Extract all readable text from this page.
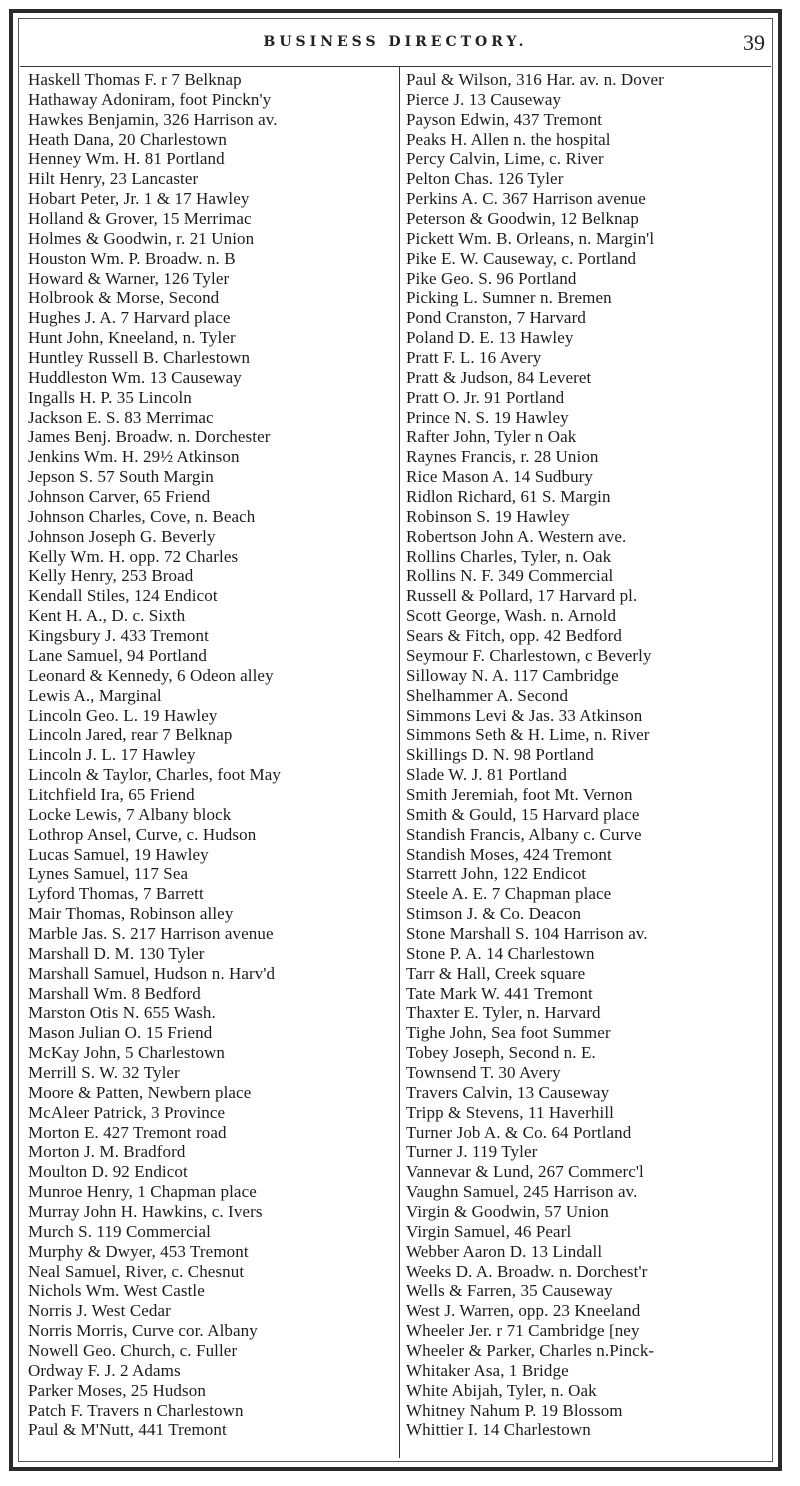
BUSINESS DIRECTORY.	39
Haskell Thomas F. r 7 Belknap
Hathaway Adoniram, foot Pinckn'y
Hawkes Benjamin, 326 Harrison av.
Heath Dana, 20 Charlestown
Henney Wm. H. 81 Portland
Hilt Henry, 23 Lancaster
Hobart Peter, Jr. 1 & 17 Hawley
Holland & Grover, 15 Merrimac
Holmes & Goodwin, r. 21 Union
Houston Wm. P. Broadw. n. B
Howard & Warner, 126 Tyler
Holbrook & Morse, Second
Hughes J. A. 7 Harvard place
Hunt John, Kneeland, n. Tyler
Huntley Russell B. Charlestown
Huddleston Wm. 13 Causeway
Ingalls H. P. 35 Lincoln
Jackson E. S. 83 Merrimac
James Benj. Broadw. n. Dorchester
Jenkins Wm. H. 29½ Atkinson
Jepson S. 57 South Margin
Johnson Carver, 65 Friend
Johnson Charles, Cove, n. Beach
Johnson Joseph G. Beverly
Kelly Wm. H. opp. 72 Charles
Kelly Henry, 253 Broad
Kendall Stiles, 124 Endicot
Kent H. A., D. c. Sixth
Kingsbury J. 433 Tremont
Lane Samuel, 94 Portland
Leonard & Kennedy, 6 Odeon alley
Lewis A., Marginal
Lincoln Geo. L. 19 Hawley
Lincoln Jared, rear 7 Belknap
Lincoln J. L. 17 Hawley
Lincoln & Taylor, Charles, foot May
Litchfield Ira, 65 Friend
Locke Lewis, 7 Albany block
Lothrop Ansel, Curve, c. Hudson
Lucas Samuel, 19 Hawley
Lynes Samuel, 117 Sea
Lyford Thomas, 7 Barrett
Mair Thomas, Robinson alley
Marble Jas. S. 217 Harrison avenue
Marshall D. M. 130 Tyler
Marshall Samuel, Hudson n. Harv'd
Marshall Wm. 8 Bedford
Marston Otis N. 655 Wash.
Mason Julian O. 15 Friend
McKay John, 5 Charlestown
Merrill S. W. 32 Tyler
Moore & Patten, Newbern place
McAleer Patrick, 3 Province
Morton E. 427 Tremont road
Morton J. M. Bradford
Moulton D. 92 Endicot
Munroe Henry, 1 Chapman place
Murray John H. Hawkins, c. Ivers
Murch S. 119 Commercial
Murphy & Dwyer, 453 Tremont
Neal Samuel, River, c. Chesnut
Nichols Wm. West Castle
Norris J. West Cedar
Norris Morris, Curve cor. Albany
Nowell Geo. Church, c. Fuller
Ordway F. J. 2 Adams
Parker Moses, 25 Hudson
Patch F. Travers n Charlestown
Paul & M'Nutt, 441 Tremont
Paul & Wilson, 316 Har. av. n. Dover
Pierce J. 13 Causeway
Payson Edwin, 437 Tremont
Peaks H. Allen n. the hospital
Percy Calvin, Lime, c. River
Pelton Chas. 126 Tyler
Perkins A. C. 367 Harrison avenue
Peterson & Goodwin, 12 Belknap
Pickett Wm. B. Orleans, n. Margin'l
Pike E. W. Causeway, c. Portland
Pike Geo. S. 96 Portland
Picking L. Sumner n. Bremen
Pond Cranston, 7 Harvard
Poland D. E. 13 Hawley
Pratt F. L. 16 Avery
Pratt & Judson, 84 Leveret
Pratt O. Jr. 91 Portland
Prince N. S. 19 Hawley
Rafter John, Tyler n Oak
Raynes Francis, r. 28 Union
Rice Mason A. 14 Sudbury
Ridlon Richard, 61 S. Margin
Robinson S. 19 Hawley
Robertson John A. Western ave.
Rollins Charles, Tyler, n. Oak
Rollins N. F. 349 Commercial
Russell & Pollard, 17 Harvard pl.
Scott George, Wash. n. Arnold
Sears & Fitch, opp. 42 Bedford
Seymour F. Charlestown, c Beverly
Silloway N. A. 117 Cambridge
Shelhammer A. Second
Simmons Levi & Jas. 33 Atkinson
Simmons Seth & H. Lime, n. River
Skillings D. N. 98 Portland
Slade W. J. 81 Portland
Smith Jeremiah, foot Mt. Vernon
Smith & Gould, 15 Harvard place
Standish Francis, Albany c. Curve
Standish Moses, 424 Tremont
Starrett John, 122 Endicot
Steele A. E. 7 Chapman place
Stimson J. & Co. Deacon
Stone Marshall S. 104 Harrison av.
Stone P. A. 14 Charlestown
Tarr & Hall, Creek square
Tate Mark W. 441 Tremont
Thaxter E. Tyler, n. Harvard
Tighe John, Sea foot Summer
Tobey Joseph, Second n. E.
Townsend T. 30 Avery
Travers Calvin, 13 Causeway
Tripp & Stevens, 11 Haverhill
Turner Job A. & Co. 64 Portland
Turner J. 119 Tyler
Vannevar & Lund, 267 Commerc'l
Vaughn Samuel, 245 Harrison av.
Virgin & Goodwin, 57 Union
Virgin Samuel, 46 Pearl
Webber Aaron D. 13 Lindall
Weeks D. A. Broadw. n. Dorchest'r
Wells & Farren, 35 Causeway
West J. Warren, opp. 23 Kneeland
Wheeler Jer. r 71 Cambridge [ney
Wheeler & Parker, Charles n.Pinck-
Whitaker Asa, 1 Bridge
White Abijah, Tyler, n. Oak
Whitney Nahum P. 19 Blossom
Whittier I. 14 Charlestown
